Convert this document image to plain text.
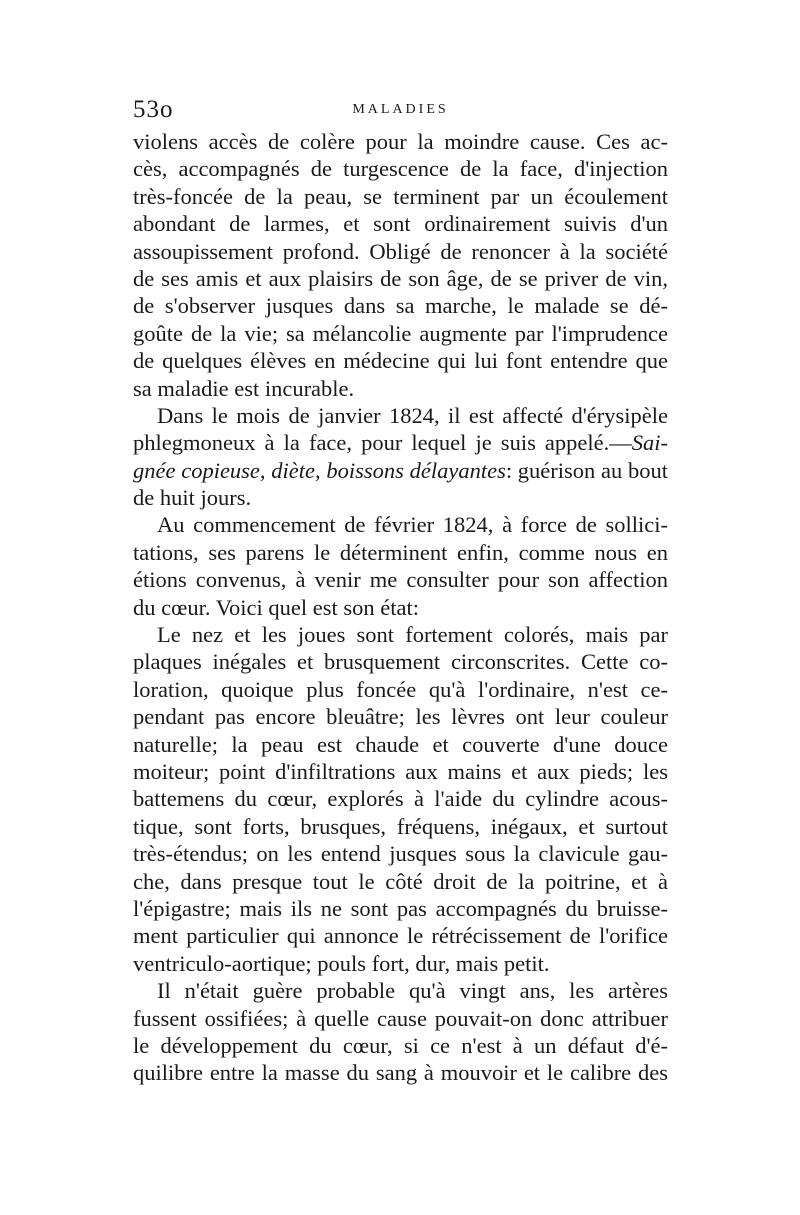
53o	MALADIES
violens accès de colère pour la moindre cause. Ces ac-
cès, accompagnés de turgescence de la face, d'injection
très-foncée de la peau, se terminent par un écoulement
abondant de larmes, et sont ordinairement suivis d'un
assoupissement profond. Obligé de renoncer à la société
de ses amis et aux plaisirs de son âge, de se priver de vin,
de s'observer jusques dans sa marche, le malade se dé-
goûte de la vie; sa mélancolie augmente par l'imprudence
de quelques élèves en médecine qui lui font entendre que
sa maladie est incurable.
Dans le mois de janvier 1824, il est affecté d'érysipèle
phlegmoneux à la face, pour lequel je suis appelé.—Sai-
gnée copieuse, diète, boissons délayantes: guérison au bout
de huit jours.
Au commencement de février 1824, à force de sollici-
tations, ses parens le déterminent enfin, comme nous en
étions convenus, à venir me consulter pour son affection
du cœur. Voici quel est son état:
Le nez et les joues sont fortement colorés, mais par
plaques inégales et brusquement circonscrites. Cette co-
loration, quoique plus foncée qu'à l'ordinaire, n'est ce-
pendant pas encore bleuâtre; les lèvres ont leur couleur
naturelle; la peau est chaude et couverte d'une douce
moiteur; point d'infiltrations aux mains et aux pieds; les
battemens du cœur, explorés à l'aide du cylindre acous-
tique, sont forts, brusques, fréquens, inégaux, et surtout
très-étendus; on les entend jusques sous la clavicule gau-
che, dans presque tout le côté droit de la poitrine, et à
l'épigastre; mais ils ne sont pas accompagnés du bruisse-
ment particulier qui annonce le rétrécissement de l'orifice
ventriculo-aortique; pouls fort, dur, mais petit.
Il n'était guère probable qu'à vingt ans, les artères
fussent ossifiées; à quelle cause pouvait-on donc attribuer
le développement du cœur, si ce n'est à un défaut d'é-
quilibre entre la masse du sang à mouvoir et le calibre des
